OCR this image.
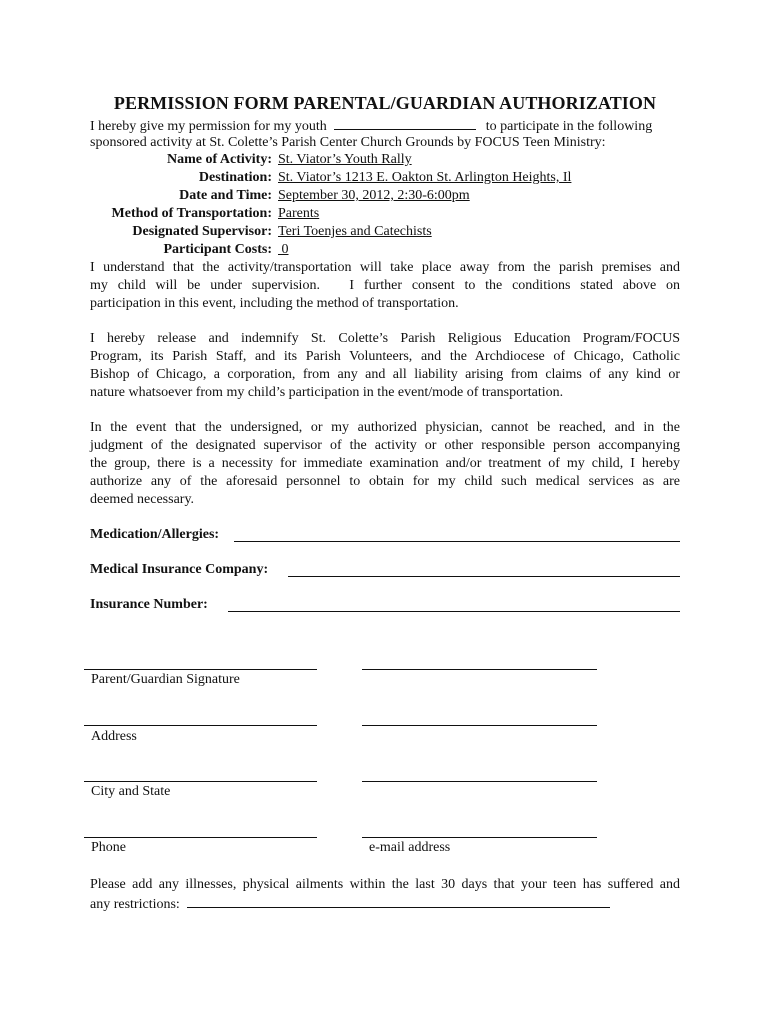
PERMISSION FORM PARENTAL/GUARDIAN AUTHORIZATION
I hereby give my permission for my youth	to participate in the following
sponsored activity at St. Colette’s Parish Center Church Grounds by FOCUS Teen Ministry:
Name of Activity: St. Viator’s Youth Rally
Destination: St. Viator’s 1213 E. Oakton St. Arlington Heights, Il
Date and Time: September 30, 2012, 2:30-6:00pm
Method of Transportation: Parents
Designated Supervisor: Teri Toenjes and Catechists
Participant Costs: 0
I understand that the activity/transportation will take place away from the parish premises and
my child will be under supervision.   I further consent to the conditions stated above on
participation in this event, including the method of transportation.
I hereby release and indemnify St. Colette’s Parish Religious Education Program/FOCUS
Program, its Parish Staff, and its Parish Volunteers, and the Archdiocese of Chicago, Catholic
Bishop of Chicago, a corporation, from any and all liability arising from claims of any kind or
nature whatsoever from my child’s participation in the event/mode of transportation.
In the event that the undersigned, or my authorized physician, cannot be reached, and in the
judgment of the designated supervisor of the activity or other responsible person accompanying
the group, there is a necessity for immediate examination and/or treatment of my child, I hereby
authorize any of the aforesaid personnel to obtain for my child such medical services as are
deemed necessary.
Medication/Allergies:
Medical Insurance Company:
Insurance Number:
Parent/Guardian Signature
Address
City and State
Phone	e-mail address
Please add any illnesses, physical ailments within the last 30 days that your teen has suffered and
any restrictions:
